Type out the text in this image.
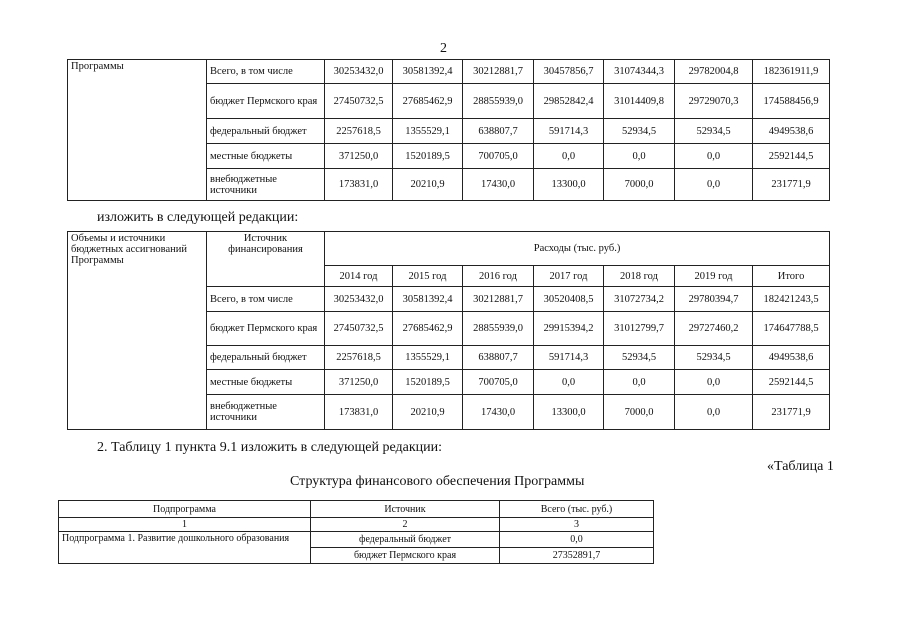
2
Программы	Всего, в том числе	30253432,0	30581392,4	30212881,7	30457856,7	31074344,3	29782004,8	182361911,9
	бюджет Пермского края	27450732,5	27685462,9	28855939,0	29852842,4	31014409,8	29729070,3	174588456,9
	федеральный бюджет	2257618,5	1355529,1	638807,7	591714,3	52934,5	52934,5	4949538,6
	местные бюджеты	371250,0	1520189,5	700705,0	0,0	0,0	0,0	2592144,5
	внебюджетные источники	173831,0	20210,9	17430,0	13300,0	7000,0	0,0	231771,9
изложить в следующей редакции:
Объемы и источники бюджетных ассигнований Программы	Источник финансирования	Расходы (тыс. руб.)						
		2014 год	2015 год	2016 год	2017 год	2018 год	2019 год	Итого
	Всего, в том числе	30253432,0	30581392,4	30212881,7	30520408,5	31072734,2	29780394,7	182421243,5
	бюджет Пермского края	27450732,5	27685462,9	28855939,0	29915394,2	31012799,7	29727460,2	174647788,5
	федеральный бюджет	2257618,5	1355529,1	638807,7	591714,3	52934,5	52934,5	4949538,6
	местные бюджеты	371250,0	1520189,5	700705,0	0,0	0,0	0,0	2592144,5
	внебюджетные источники	173831,0	20210,9	17430,0	13300,0	7000,0	0,0	231771,9
2. Таблицу 1 пункта 9.1 изложить в следующей редакции:
«Таблица 1
Структура финансового обеспечения Программы
Подпрограмма	Источник	Всего (тыс. руб.)
1	2	3
Подпрограмма 1. Развитие дошкольного образования	федеральный бюджет	0,0
	бюджет Пермского края	27352891,7
